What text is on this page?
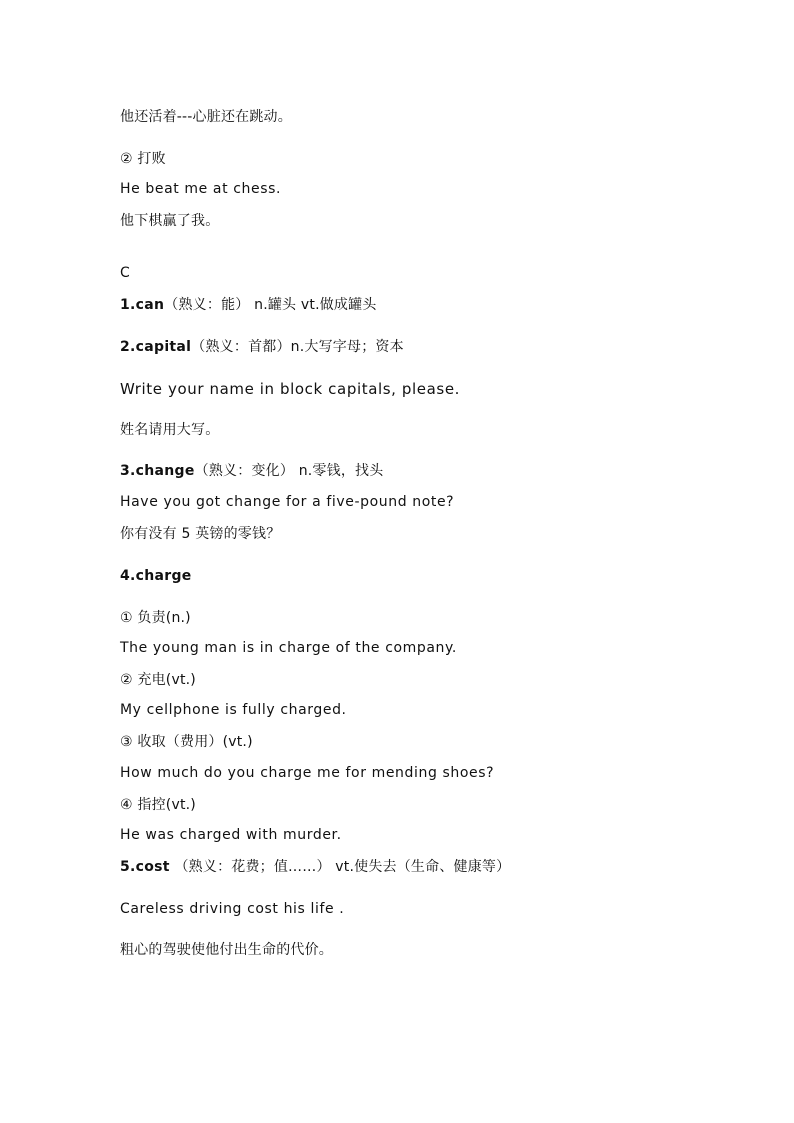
他还活着---心脏还在跳动。
② 打败
He beat me at chess.
他下棋赢了我。
C
1.can（熟义：能） n.罐头 vt.做成罐头
2.capital（熟义：首都）n.大写字母；资本
Write your name in block capitals, please.
姓名请用大写。
3.change（熟义：变化） n.零钱，找头
Have you got change for a five-pound note?
你有没有 5 英镑的零钱？
4.charge
① 负责(n.)
The young man is in charge of the company.
② 充电(vt.)
My cellphone is fully charged.
③ 收取（费用）(vt.)
How much do you charge me for mending shoes?
④ 指控(vt.)
He was charged with murder.
5.cost （熟义：花费；值……） vt.使失去（生命、健康等）
Careless driving cost his life .
粗心的驾驶使他付出生命的代价。
